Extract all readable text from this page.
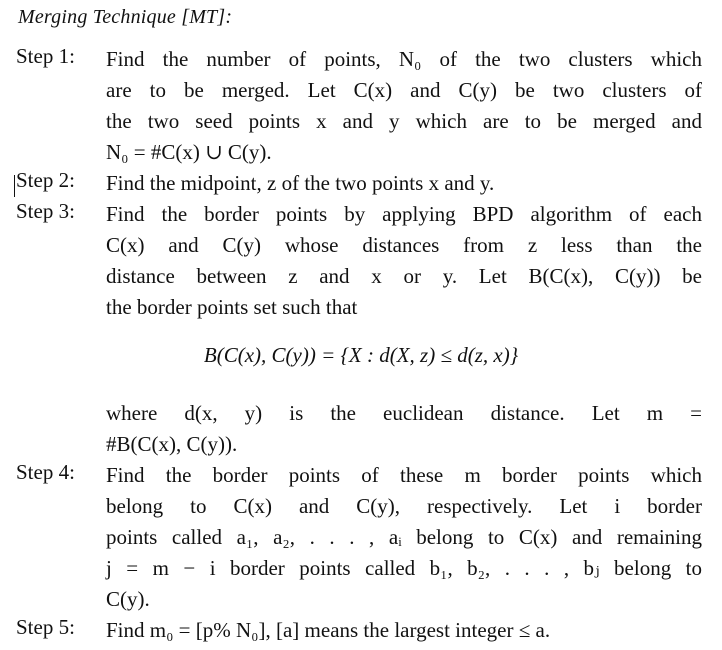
Merging Technique [MT]:
Step 1:	Find the number of points, N₀ of the two clusters which
are to be merged. Let C(x) and C(y) be two clusters of
the two seed points x and y which are to be merged and
N₀ = #C(x) ∪ C(y).
Step 2:	Find the midpoint, z of the two points x and y.
Step 3:	Find the border points by applying BPD algorithm of each
C(x) and C(y) whose distances from z less than the
distance between z and x or y. Let B(C(x), C(y)) be
the border points set such that
B(C(x), C(y)) = {X : d(X, z) ≤ d(z, x)}
where d(x, y) is the euclidean distance. Let m =
#B(C(x), C(y)).
Step 4:	Find the border points of these m border points which
belong to C(x) and C(y), respectively. Let i border
points called a₁, a₂, . . . , aᵢ belong to C(x) and remaining
j = m − i border points called b₁, b₂, . . . , bⱼ belong to
C(y).
Step 5:	Find m₀ = [p% N₀], [a] means the largest integer ≤ a.
